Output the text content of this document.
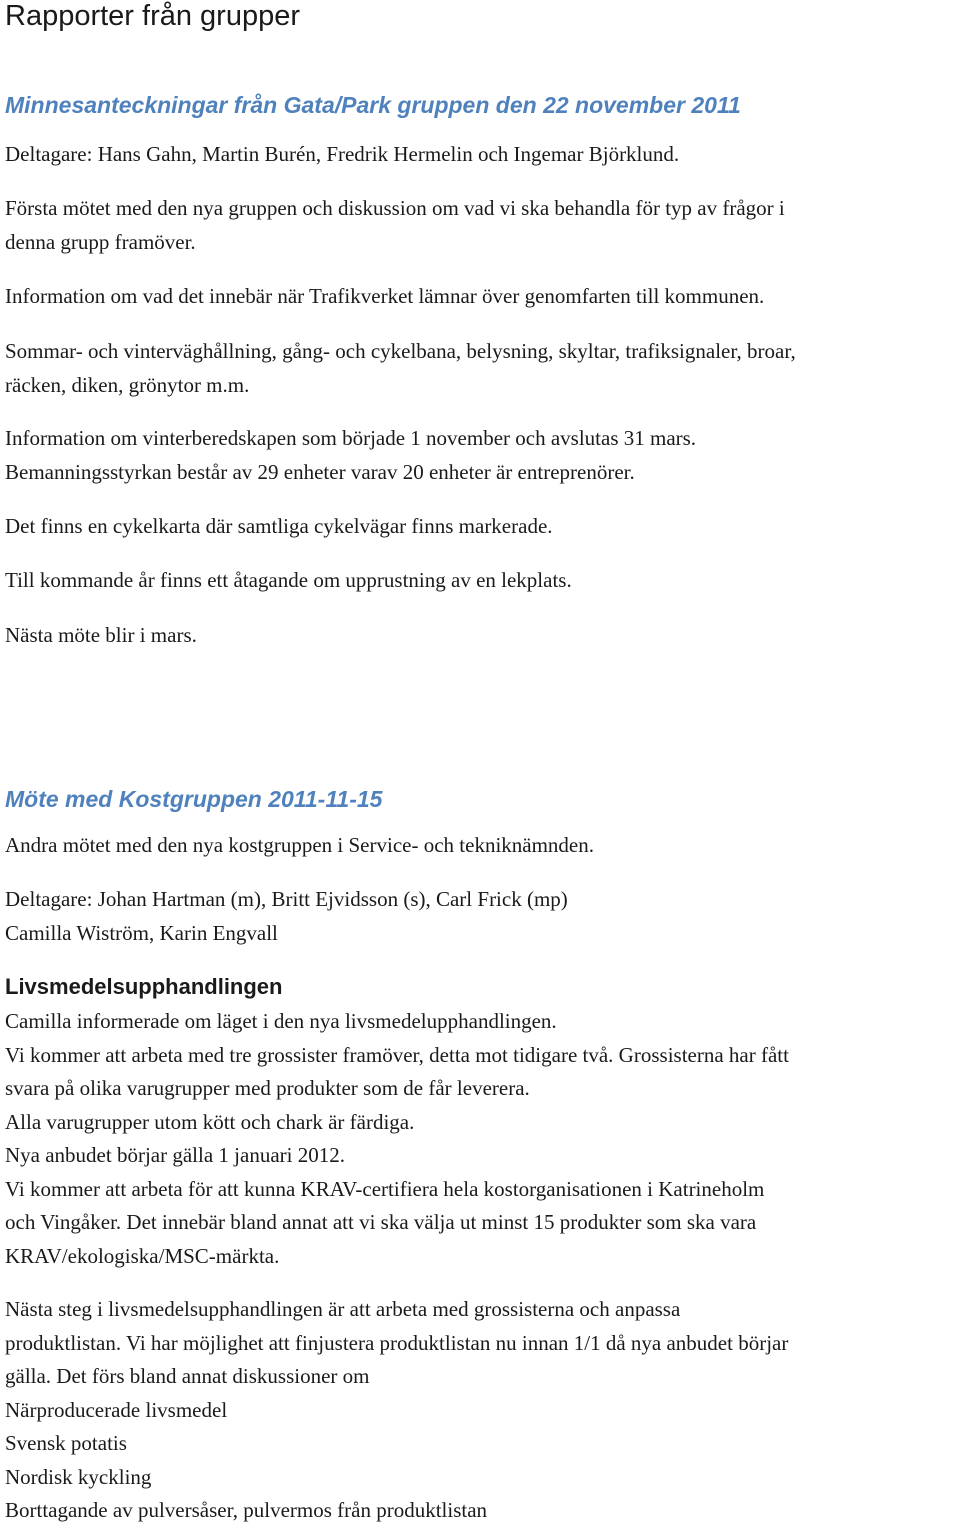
Rapporter från grupper
Minnesanteckningar från Gata/Park gruppen den 22 november 2011

Deltagare: Hans Gahn, Martin Burén, Fredrik Hermelin och Ingemar Björklund.

Första mötet med den nya gruppen och diskussion om vad vi ska behandla för typ av frågor i
denna grupp framöver.

Information om vad det innebär när Trafikverket lämnar över genomfarten till kommunen.

Sommar- och vinterväghållning, gång- och cykelbana, belysning, skyltar, trafiksignaler, broar,
räcken, diken, grönytor m.m.

Information om vinterberedskapen som började 1 november och avslutas 31 mars.
Bemanningsstyrkan består av 29 enheter varav 20 enheter är entreprenörer.

Det finns en cykelkarta där samtliga cykelvägar finns markerade.

Till kommande år finns ett åtagande om upprustning av en lekplats.

Nästa möte blir i mars.

Möte med Kostgruppen 2011-11-15

Andra mötet med den nya kostgruppen i Service- och tekniknämnden.

Deltagare: Johan Hartman (m), Britt Ejvidsson (s), Carl Frick (mp)
Camilla Wiström, Karin Engvall

Livsmedelsupphandlingen

Camilla informerade om läget i den nya livsmedelupphandlingen.
Vi kommer att arbeta med tre grossister framöver, detta mot tidigare två. Grossisterna har fått
svara på olika varugrupper med produkter som de får leverera.
Alla varugrupper utom kött och chark är färdiga.
Nya anbudet börjar gälla 1 januari 2012.
Vi kommer att arbeta för att kunna KRAV-certifiera hela kostorganisationen i Katrineholm
och Vingåker. Det innebär bland annat att vi ska välja ut minst 15 produkter som ska vara
KRAV/ekologiska/MSC-märkta.

Nästa steg i livsmedelsupphandlingen är att arbeta med grossisterna och anpassa
produktlistan. Vi har möjlighet att finjustera produktlistan nu innan 1/1 då nya anbudet börjar
gälla. Det förs bland annat diskussioner om
Närproducerade livsmedel
Svensk potatis
Nordisk kyckling
Borttagande av pulversåser, pulvermos från produktlistan
